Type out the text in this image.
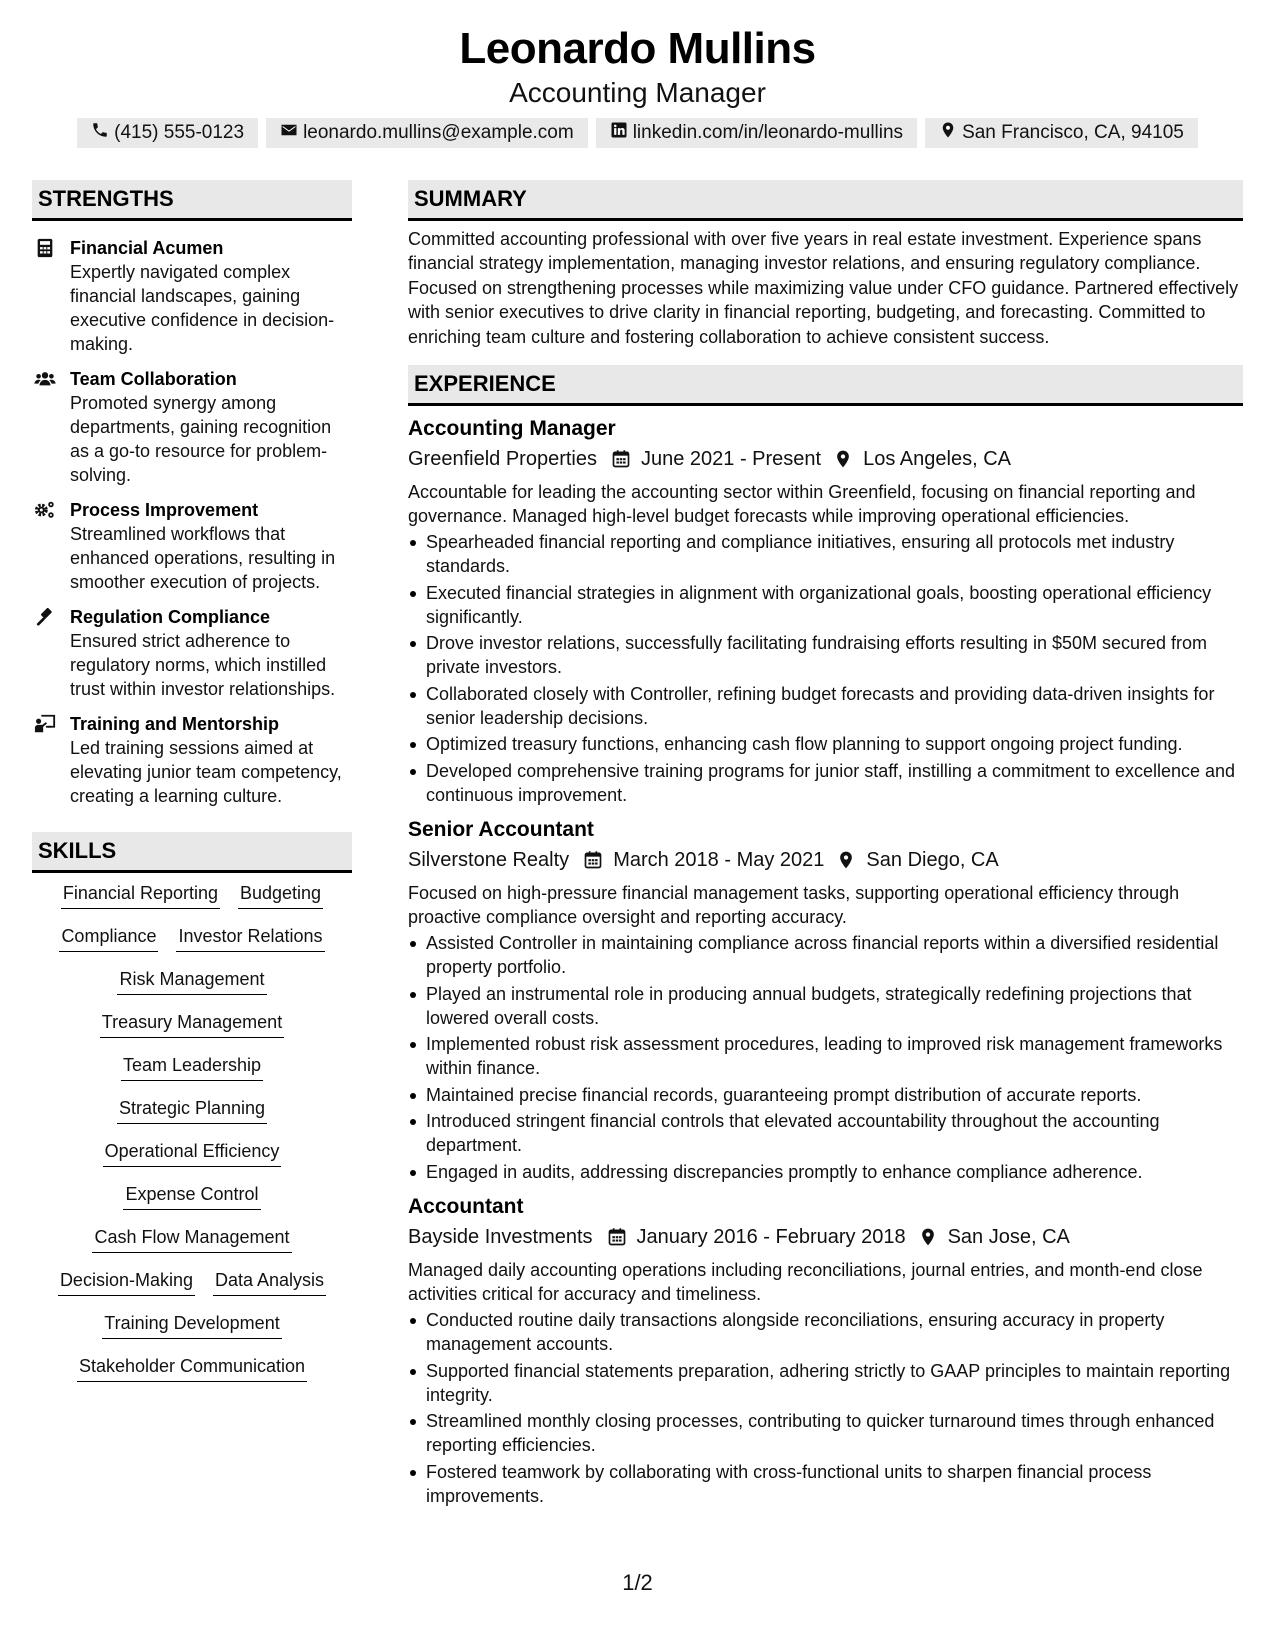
Leonardo Mullins
Accounting Manager
(415) 555-0123	leonardo.mullins@example.com	linkedin.com/in/leonardo-mullins	San Francisco, CA, 94105
STRENGTHS
Financial Acumen
Expertly navigated complex financial landscapes, gaining executive confidence in decision-making.
Team Collaboration
Promoted synergy among departments, gaining recognition as a go-to resource for problem-solving.
Process Improvement
Streamlined workflows that enhanced operations, resulting in smoother execution of projects.
Regulation Compliance
Ensured strict adherence to regulatory norms, which instilled trust within investor relationships.
Training and Mentorship
Led training sessions aimed at elevating junior team competency, creating a learning culture.
SKILLS
Financial Reporting Budgeting
Compliance Investor Relations
Risk Management
Treasury Management
Team Leadership
Strategic Planning
Operational Efficiency
Expense Control
Cash Flow Management
Decision-Making Data Analysis
Training Development
Stakeholder Communication
SUMMARY
Committed accounting professional with over five years in real estate investment. Experience spans financial strategy implementation, managing investor relations, and ensuring regulatory compliance. Focused on strengthening processes while maximizing value under CFO guidance. Partnered effectively with senior executives to drive clarity in financial reporting, budgeting, and forecasting. Committed to enriching team culture and fostering collaboration to achieve consistent success.
EXPERIENCE
Accounting Manager
Greenfield Properties June 2021 - Present Los Angeles, CA
Accountable for leading the accounting sector within Greenfield, focusing on financial reporting and governance. Managed high-level budget forecasts while improving operational efficiencies.
Spearheaded financial reporting and compliance initiatives, ensuring all protocols met industry standards.
Executed financial strategies in alignment with organizational goals, boosting operational efficiency significantly.
Drove investor relations, successfully facilitating fundraising efforts resulting in $50M secured from private investors.
Collaborated closely with Controller, refining budget forecasts and providing data-driven insights for senior leadership decisions.
Optimized treasury functions, enhancing cash flow planning to support ongoing project funding.
Developed comprehensive training programs for junior staff, instilling a commitment to excellence and continuous improvement.
Senior Accountant
Silverstone Realty March 2018 - May 2021 San Diego, CA
Focused on high-pressure financial management tasks, supporting operational efficiency through proactive compliance oversight and reporting accuracy.
Assisted Controller in maintaining compliance across financial reports within a diversified residential property portfolio.
Played an instrumental role in producing annual budgets, strategically redefining projections that lowered overall costs.
Implemented robust risk assessment procedures, leading to improved risk management frameworks within finance.
Maintained precise financial records, guaranteeing prompt distribution of accurate reports.
Introduced stringent financial controls that elevated accountability throughout the accounting department.
Engaged in audits, addressing discrepancies promptly to enhance compliance adherence.
Accountant
Bayside Investments January 2016 - February 2018 San Jose, CA
Managed daily accounting operations including reconciliations, journal entries, and month-end close activities critical for accuracy and timeliness.
Conducted routine daily transactions alongside reconciliations, ensuring accuracy in property management accounts.
Supported financial statements preparation, adhering strictly to GAAP principles to maintain reporting integrity.
Streamlined monthly closing processes, contributing to quicker turnaround times through enhanced reporting efficiencies.
Fostered teamwork by collaborating with cross-functional units to sharpen financial process improvements.
1/2
